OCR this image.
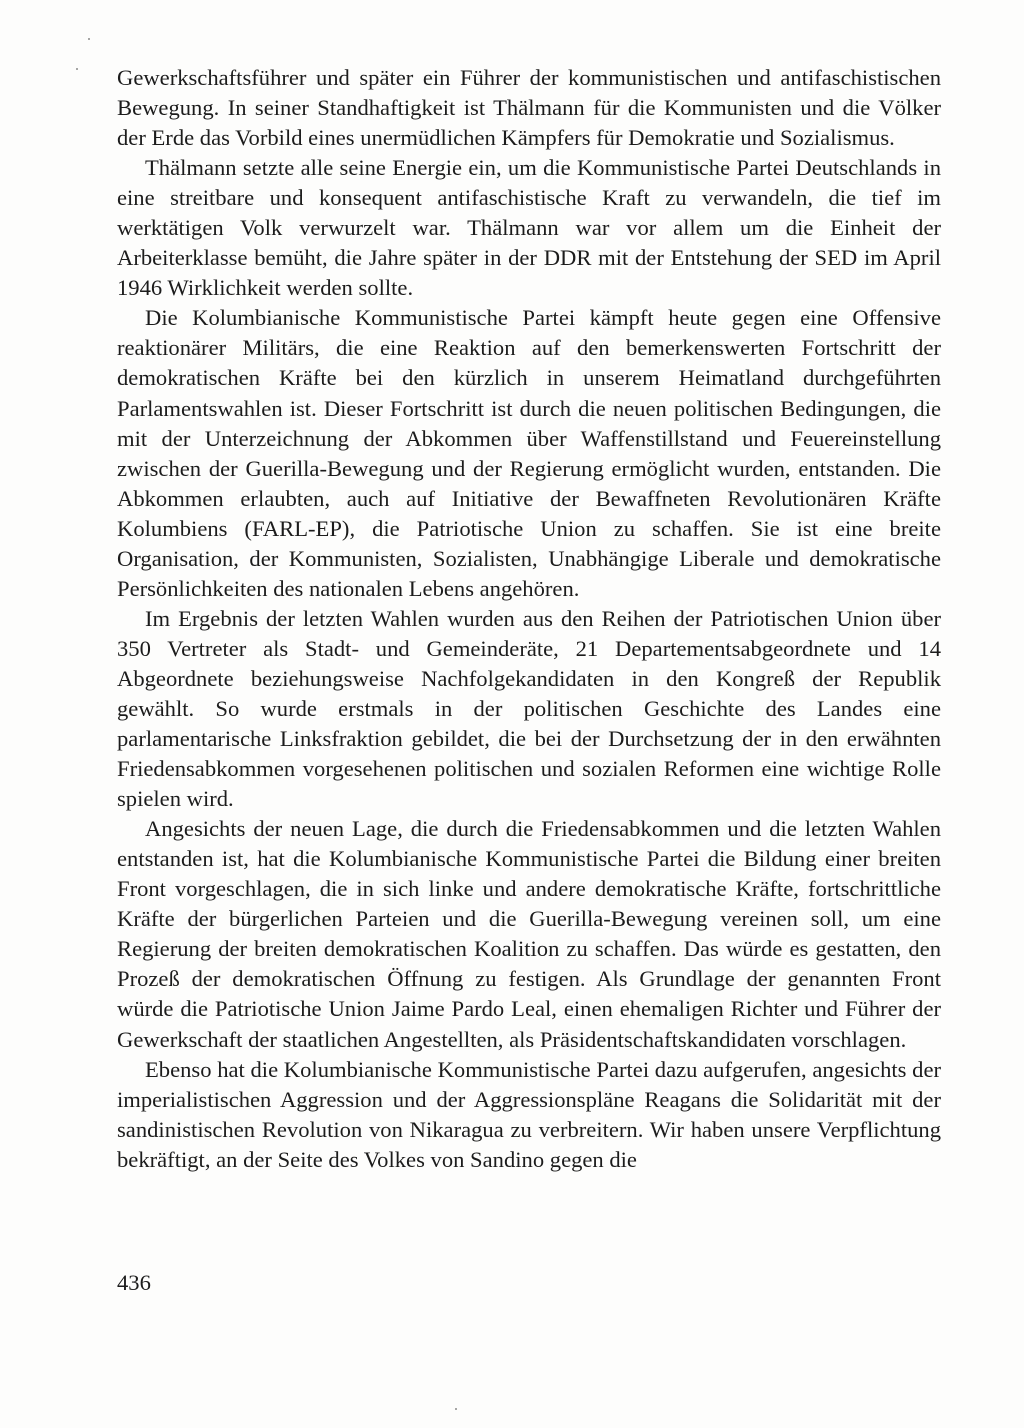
Gewerkschaftsführer und später ein Führer der kommunistischen und antifaschistischen Bewegung. In seiner Standhaftigkeit ist Thälmann für die Kommunisten und die Völker der Erde das Vorbild eines unermüdlichen Kämpfers für Demokratie und Sozialismus.

Thälmann setzte alle seine Energie ein, um die Kommunistische Partei Deutschlands in eine streitbare und konsequent antifaschistische Kraft zu verwandeln, die tief im werktätigen Volk verwurzelt war. Thälmann war vor allem um die Einheit der Arbeiterklasse bemüht, die Jahre später in der DDR mit der Entstehung der SED im April 1946 Wirklichkeit werden sollte.

Die Kolumbianische Kommunistische Partei kämpft heute gegen eine Offensive reaktionärer Militärs, die eine Reaktion auf den bemerkenswerten Fortschritt der demokratischen Kräfte bei den kürzlich in unserem Heimatland durchgeführten Parlamentswahlen ist. Dieser Fortschritt ist durch die neuen politischen Bedingungen, die mit der Unterzeichnung der Abkommen über Waffenstillstand und Feuereinstellung zwischen der Guerilla-Bewegung und der Regierung ermöglicht wurden, entstanden. Die Abkommen erlaubten, auch auf Initiative der Bewaffneten Revolutionären Kräfte Kolumbiens (FARL-EP), die Patriotische Union zu schaffen. Sie ist eine breite Organisation, der Kommunisten, Sozialisten, Unabhängige Liberale und demokratische Persönlichkeiten des nationalen Lebens angehören.

Im Ergebnis der letzten Wahlen wurden aus den Reihen der Patriotischen Union über 350 Vertreter als Stadt- und Gemeinderäte, 21 Departementsabgeordnete und 14 Abgeordnete beziehungsweise Nachfolgekandidaten in den Kongreß der Republik gewählt. So wurde erstmals in der politischen Geschichte des Landes eine parlamentarische Linksfraktion gebildet, die bei der Durchsetzung der in den erwähnten Friedensabkommen vorgesehenen politischen und sozialen Reformen eine wichtige Rolle spielen wird.

Angesichts der neuen Lage, die durch die Friedensabkommen und die letzten Wahlen entstanden ist, hat die Kolumbianische Kommunistische Partei die Bildung einer breiten Front vorgeschlagen, die in sich linke und andere demokratische Kräfte, fortschrittliche Kräfte der bürgerlichen Parteien und die Guerilla-Bewegung vereinen soll, um eine Regierung der breiten demokratischen Koalition zu schaffen. Das würde es gestatten, den Prozeß der demokratischen Öffnung zu festigen. Als Grundlage der genannten Front würde die Patriotische Union Jaime Pardo Leal, einen ehemaligen Richter und Führer der Gewerkschaft der staatlichen Angestellten, als Präsidentschaftskandidaten vorschlagen.

Ebenso hat die Kolumbianische Kommunistische Partei dazu aufgerufen, angesichts der imperialistischen Aggression und der Aggressionspläne Reagans die Solidarität mit der sandinistischen Revolution von Nikaragua zu verbreitern. Wir haben unsere Verpflichtung bekräftigt, an der Seite des Volkes von Sandino gegen die

436
